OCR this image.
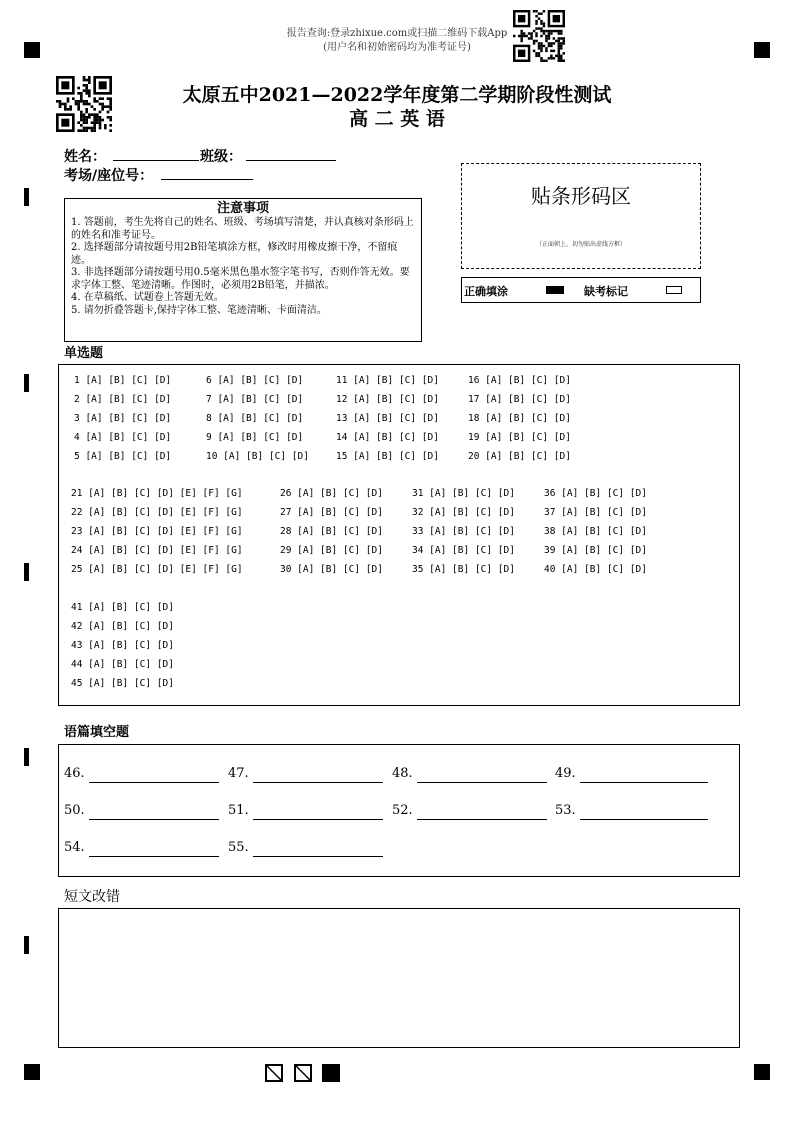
报告查询:登录zhixue.com或扫描二维码下载App
(用户名和初始密码均为准考证号)
太原五中2021—2022学年度第二学期阶段性测试
高 二 英 语
姓名：	班级：
考场/座位号：
注意事项
1. 答题前，考生先将自己的姓名、班级、考场填写清楚，并认真核对条形码上的姓名和准考证号。
2. 选择题部分请按题号用2B铅笔填涂方框，修改时用橡皮擦干净，不留痕迹。
3. 非选择题部分请按题号用0.5毫米黑色墨水签字笔书写，否则作答无效。要求字体工整、笔迹清晰。作图时，必须用2B铅笔，并描浓。
4. 在草稿纸、试题卷上答题无效。
5. 请勿折叠答题卡,保持字体工整、笔迹清晰、卡面清洁。
贴条形码区
（正面朝上，切勿贴出虚线方框）
正确填涂	缺考标记
单选题
1 [A] [B] [C] [D]	6 [A] [B] [C] [D]	11 [A] [B] [C] [D]	16 [A] [B] [C] [D]
2 [A] [B] [C] [D]	7 [A] [B] [C] [D]	12 [A] [B] [C] [D]	17 [A] [B] [C] [D]
3 [A] [B] [C] [D]	8 [A] [B] [C] [D]	13 [A] [B] [C] [D]	18 [A] [B] [C] [D]
4 [A] [B] [C] [D]	9 [A] [B] [C] [D]	14 [A] [B] [C] [D]	19 [A] [B] [C] [D]
5 [A] [B] [C] [D]	10 [A] [B] [C] [D]	15 [A] [B] [C] [D]	20 [A] [B] [C] [D]
21 [A] [B] [C] [D] [E] [F] [G]	26 [A] [B] [C] [D]	31 [A] [B] [C] [D]	36 [A] [B] [C] [D]
22 [A] [B] [C] [D] [E] [F] [G]	27 [A] [B] [C] [D]	32 [A] [B] [C] [D]	37 [A] [B] [C] [D]
23 [A] [B] [C] [D] [E] [F] [G]	28 [A] [B] [C] [D]	33 [A] [B] [C] [D]	38 [A] [B] [C] [D]
24 [A] [B] [C] [D] [E] [F] [G]	29 [A] [B] [C] [D]	34 [A] [B] [C] [D]	39 [A] [B] [C] [D]
25 [A] [B] [C] [D] [E] [F] [G]	30 [A] [B] [C] [D]	35 [A] [B] [C] [D]	40 [A] [B] [C] [D]
41 [A] [B] [C] [D]
42 [A] [B] [C] [D]
43 [A] [B] [C] [D]
44 [A] [B] [C] [D]
45 [A] [B] [C] [D]
语篇填空题
46.	47.	48.	49.
50.	51.	52.	53.
54.	55.
短文改错
